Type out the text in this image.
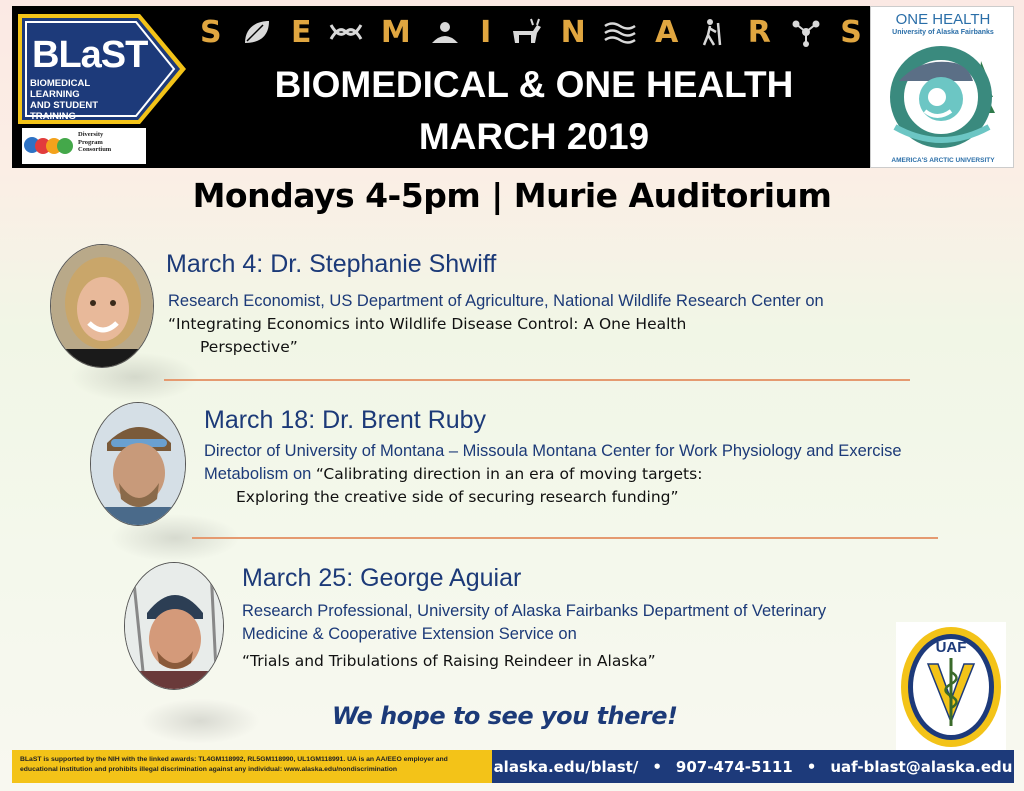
BLaST
BIOMEDICAL LEARNING
AND STUDENT TRAINING
Diversity
Program
Consortium
S E M I N A R S
BIOMEDICAL & ONE HEALTH
MARCH 2019
ONE HEALTH
University of Alaska Fairbanks
AMERICA'S ARCTIC UNIVERSITY
Mondays 4-5pm | Murie Auditorium
March 4: Dr. Stephanie Shwiff
Research Economist, US Department of Agriculture, National Wildlife Research Center on “Integrating Economics into Wildlife Disease Control: A One Health
Perspective”
March 18: Dr. Brent Ruby
Director of University of Montana – Missoula Montana Center for Work Physiology and Exercise Metabolism on “Calibrating direction in an era of moving targets:
Exploring the creative side of securing research funding”
March 25: George Aguiar
Research Professional, University of Alaska Fairbanks Department of Veterinary Medicine & Cooperative Extension Service on
“Trials and Tribulations of Raising Reindeer in Alaska”
We hope to see you there!
UAF
BLaST is supported by the NIH with the linked awards: TL4GM118992, RL5GM118990, UL1GM118991. UA is an AA/EEO employer and
educational institution and prohibits illegal discrimination against any individual: www.alaska.edu/nondiscrimination	alaska.edu/blast/ • 907-474-5111 • uaf-blast@alaska.edu
